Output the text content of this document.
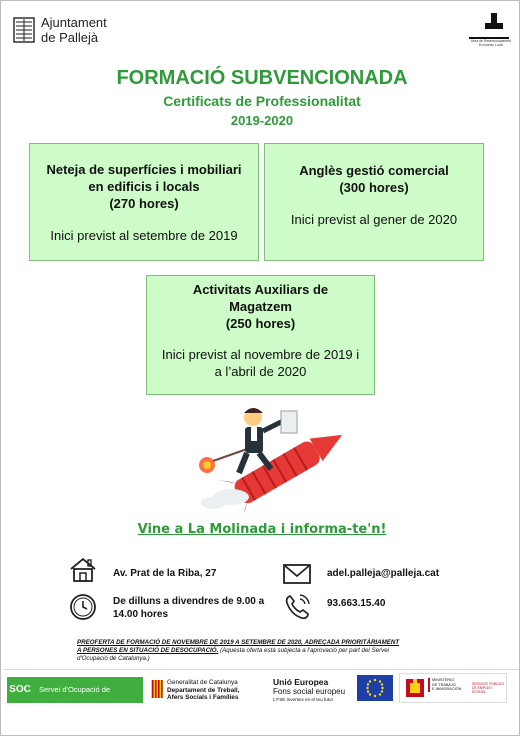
Ajuntament
de Pallejà	Àrea de Desenvolupament Econòmic Local
FORMACIÓ SUBVENCIONADA
Certificats de Professionalitat
2019-2020
Neteja de superfícies i mobiliari
en edificis i locals
(270 hores)
Inici previst al setembre de 2019
Anglès gestió comercial
(300 hores)
Inici previst al gener de 2020
Activitats Auxiliars de
Magatzem
(250 hores)
Inici previst al novembre de 2019 i
a l’abril de 2020
Vine a La Molinada i informa-te'n!
Av. Prat de la Riba, 27	adel.palleja@palleja.cat
De dilluns a divendres de 9.00 a
14.00 hores
93.663.15.40
PREOFERTA DE FORMACIÓ DE NOVEMBRE DE 2019 A SETEMBRE DE 2020, ADREÇADA PRIORITÀRIAMENT
A PERSONES EN SITUACIÓ DE DESOCUPACIÓ. (Aquesta oferta està subjecta a l'aprovació per part del Servei
d'Ocupació de Catalunya.)
SOC	Servei d'Ocupació de Catalunya
Generalitat de Catalunya
Departament de Treball,
Afers Socials i Famílies
Unió Europea
Fons social europeu
L'FSE inverteix en el teu futur
MINISTERIO
DE TRABAJO
E INMIGRACIÓN
SERVICIO PÚBLICO DE EMPLEO ESTATAL
